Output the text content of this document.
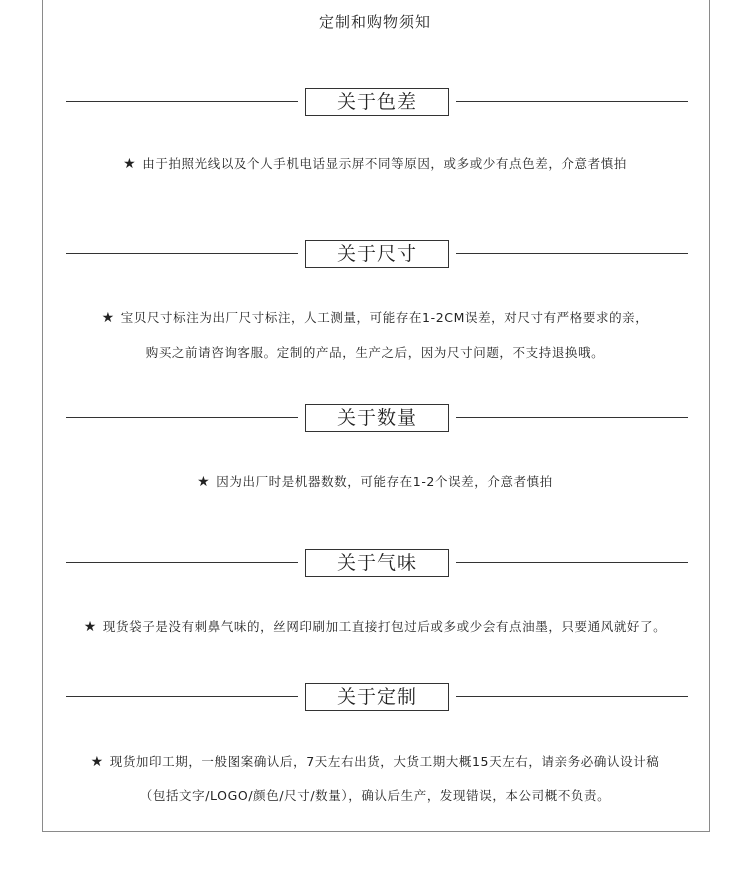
定制和购物须知
关于色差
★ 由于拍照光线以及个人手机电话显示屏不同等原因，或多或少有点色差，介意者慎拍
关于尺寸
★ 宝贝尺寸标注为出厂尺寸标注，人工测量，可能存在1-2CM误差，对尺寸有严格要求的亲，
购买之前请咨询客服。定制的产品，生产之后，因为尺寸问题，不支持退换哦。
关于数量
★ 因为出厂时是机器数数，可能存在1-2个误差，介意者慎拍
关于气味
★ 现货袋子是没有刺鼻气味的，丝网印刷加工直接打包过后或多或少会有点油墨，只要通风就好了。
关于定制
★ 现货加印工期，一般图案确认后，7天左右出货，大货工期大概15天左右，请亲务必确认设计稿
（包括文字/LOGO/颜色/尺寸/数量），确认后生产，发现错误，本公司概不负责。
